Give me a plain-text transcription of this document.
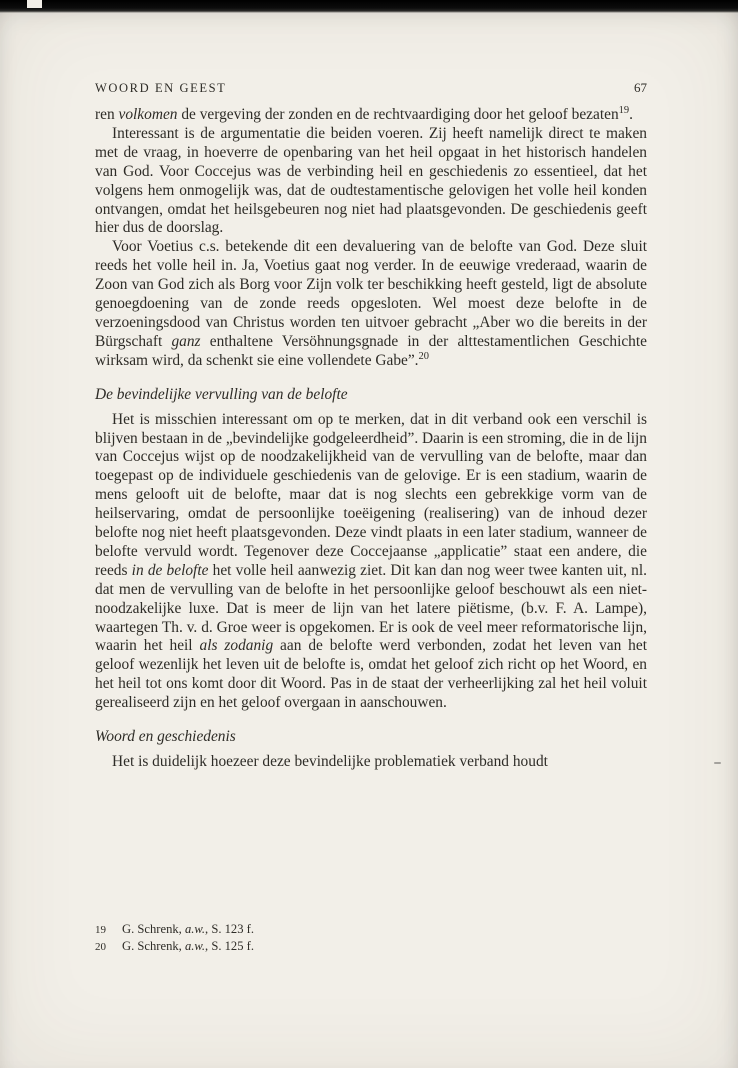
WOORD EN GEEST	67

ren volkomen de vergeving der zonden en de rechtvaardiging door het geloof bezaten$^{19}$.

Interessant is de argumentatie die beiden voeren. Zij heeft namelijk direct te maken met de vraag, in hoeverre de openbaring van het heil opgaat in het historisch handelen van God. Voor Coccejus was de verbinding heil en geschiedenis zo essentieel, dat het volgens hem onmogelijk was, dat de oudtestamentische gelovigen het volle heil konden ontvangen, omdat het heilsgebeuren nog niet had plaatsgevonden. De geschiedenis geeft hier dus de doorslag.

Voor Voetius c.s. betekende dit een devaluering van de belofte van God. Deze sluit reeds het volle heil in. Ja, Voetius gaat nog verder. In de eeuwige vrederaad, waarin de Zoon van God zich als Borg voor Zijn volk ter beschikking heeft gesteld, ligt de absolute genoegdoening van de zonde reeds opgesloten. Wel moest deze belofte in de verzoeningsdood van Christus worden ten uitvoer gebracht „Aber wo die bereits in der Bürgschaft ganz enthaltene Versöhnungsgnade in der alttestamentlichen Geschichte wirksam wird, da schenkt sie eine vollendete Gabe”.$^{20}$

De bevindelijke vervulling van de belofte

Het is misschien interessant om op te merken, dat in dit verband ook een verschil is blijven bestaan in de „bevindelijke godgeleerdheid”. Daarin is een stroming, die in de lijn van Coccejus wijst op de noodzakelijkheid van de vervulling van de belofte, maar dan toegepast op de individuele geschiedenis van de gelovige. Er is een stadium, waarin de mens gelooft uit de belofte, maar dat is nog slechts een gebrekkige vorm van de heilservaring, omdat de persoonlijke toeëigening (realisering) van de inhoud dezer belofte nog niet heeft plaatsgevonden. Deze vindt plaats in een later stadium, wanneer de belofte vervuld wordt. Tegenover deze Coccejaanse „applicatie” staat een andere, die reeds in de belofte het volle heil aanwezig ziet. Dit kan dan nog weer twee kanten uit, nl. dat men de vervulling van de belofte in het persoonlijke geloof beschouwt als een niet-noodzakelijke luxe. Dat is meer de lijn van het latere piëtisme, (b.v. F. A. Lampe), waartegen Th. v. d. Groe weer is opgekomen. Er is ook de veel meer reformatorische lijn, waarin het heil als zodanig aan de belofte werd verbonden, zodat het leven van het geloof wezenlijk het leven uit de belofte is, omdat het geloof zich richt op het Woord, en het heil tot ons komt door dit Woord. Pas in de staat der verheerlijking zal het heil voluit gerealiseerd zijn en het geloof overgaan in aanschouwen.

Woord en geschiedenis

Het is duidelijk hoezeer deze bevindelijke problematiek verband houdt

19 G. Schrenk, a.w., S. 123 f.
20 G. Schrenk, a.w., S. 125 f.
